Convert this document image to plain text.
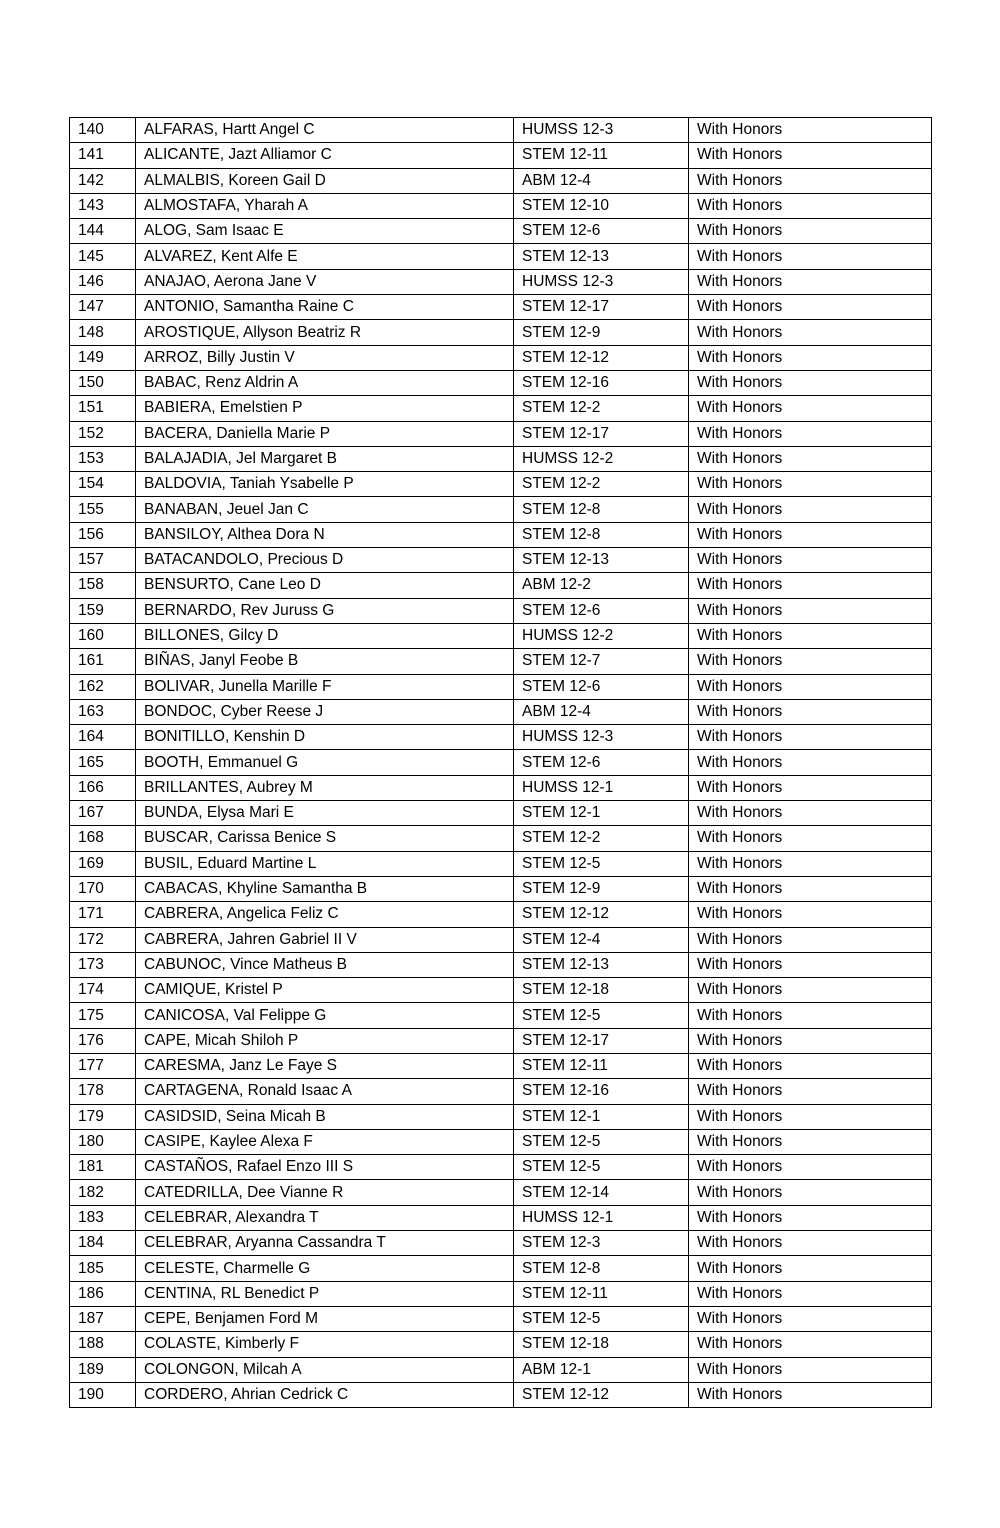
140	ALFARAS, Hartt Angel C	HUMSS 12-3	With Honors
141	ALICANTE, Jazt Alliamor C	STEM 12-11	With Honors
142	ALMALBIS, Koreen Gail D	ABM 12-4	With Honors
143	ALMOSTAFA, Yharah A	STEM 12-10	With Honors
144	ALOG, Sam Isaac E	STEM 12-6	With Honors
145	ALVAREZ, Kent Alfe E	STEM 12-13	With Honors
146	ANAJAO, Aerona Jane V	HUMSS 12-3	With Honors
147	ANTONIO, Samantha Raine C	STEM 12-17	With Honors
148	AROSTIQUE, Allyson Beatriz R	STEM 12-9	With Honors
149	ARROZ, Billy Justin V	STEM 12-12	With Honors
150	BABAC, Renz Aldrin A	STEM 12-16	With Honors
151	BABIERA, Emelstien P	STEM 12-2	With Honors
152	BACERA, Daniella Marie P	STEM 12-17	With Honors
153	BALAJADIA, Jel Margaret B	HUMSS 12-2	With Honors
154	BALDOVIA, Taniah Ysabelle P	STEM 12-2	With Honors
155	BANABAN, Jeuel Jan C	STEM 12-8	With Honors
156	BANSILOY, Althea Dora N	STEM 12-8	With Honors
157	BATACANDOLO, Precious D	STEM 12-13	With Honors
158	BENSURTO, Cane Leo D	ABM 12-2	With Honors
159	BERNARDO, Rev Juruss G	STEM 12-6	With Honors
160	BILLONES, Gilcy D	HUMSS 12-2	With Honors
161	BIÑAS, Janyl Feobe B	STEM 12-7	With Honors
162	BOLIVAR, Junella Marille F	STEM 12-6	With Honors
163	BONDOC, Cyber Reese J	ABM 12-4	With Honors
164	BONITILLO, Kenshin D	HUMSS 12-3	With Honors
165	BOOTH, Emmanuel G	STEM 12-6	With Honors
166	BRILLANTES, Aubrey M	HUMSS 12-1	With Honors
167	BUNDA, Elysa Mari E	STEM 12-1	With Honors
168	BUSCAR, Carissa Benice S	STEM 12-2	With Honors
169	BUSIL, Eduard Martine L	STEM 12-5	With Honors
170	CABACAS, Khyline Samantha B	STEM 12-9	With Honors
171	CABRERA, Angelica Feliz C	STEM 12-12	With Honors
172	CABRERA, Jahren Gabriel II V	STEM 12-4	With Honors
173	CABUNOC, Vince Matheus B	STEM 12-13	With Honors
174	CAMIQUE, Kristel P	STEM 12-18	With Honors
175	CANICOSA, Val Felippe G	STEM 12-5	With Honors
176	CAPE, Micah Shiloh P	STEM 12-17	With Honors
177	CARESMA, Janz Le Faye S	STEM 12-11	With Honors
178	CARTAGENA, Ronald Isaac A	STEM 12-16	With Honors
179	CASIDSID, Seina Micah B	STEM 12-1	With Honors
180	CASIPE, Kaylee Alexa F	STEM 12-5	With Honors
181	CASTAÑOS, Rafael Enzo III S	STEM 12-5	With Honors
182	CATEDRILLA, Dee Vianne R	STEM 12-14	With Honors
183	CELEBRAR, Alexandra T	HUMSS 12-1	With Honors
184	CELEBRAR, Aryanna Cassandra T	STEM 12-3	With Honors
185	CELESTE, Charmelle G	STEM 12-8	With Honors
186	CENTINA, RL Benedict P	STEM 12-11	With Honors
187	CEPE, Benjamen Ford M	STEM 12-5	With Honors
188	COLASTE, Kimberly F	STEM 12-18	With Honors
189	COLONGON, Milcah A	ABM 12-1	With Honors
190	CORDERO, Ahrian Cedrick C	STEM 12-12	With Honors
